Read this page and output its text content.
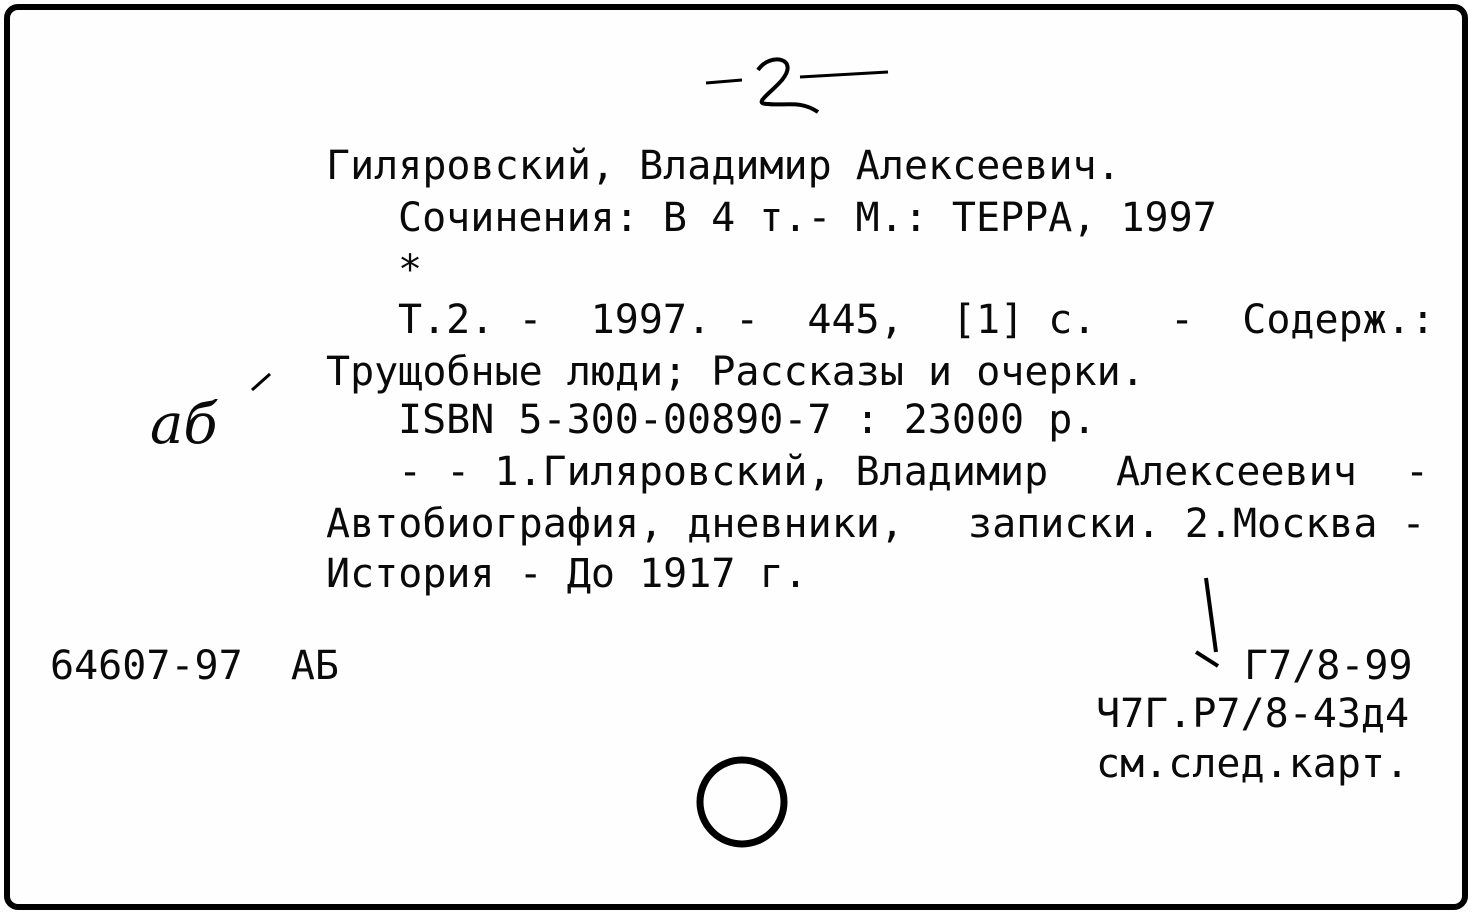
аб
Гиляровский, Владимир Алексеевич.
Сочинения: В 4 т.- М.: ТЕРРА, 1997
*
Т.2. -  1997. -  445,  [1] с. -  Содерж.:
Трущобные люди; Рассказы и очерки.
ISBN 5-300-00890-7 : 23000 р.
- - 1.Гиляровский, Владимир Алексеевич  -
Автобиография, дневники, записки. 2.Москва -
История - До 1917 г.
64607-97  АБ	Г7/8-99
Ч7Г.Р7/8-43д4
см.след.карт.
